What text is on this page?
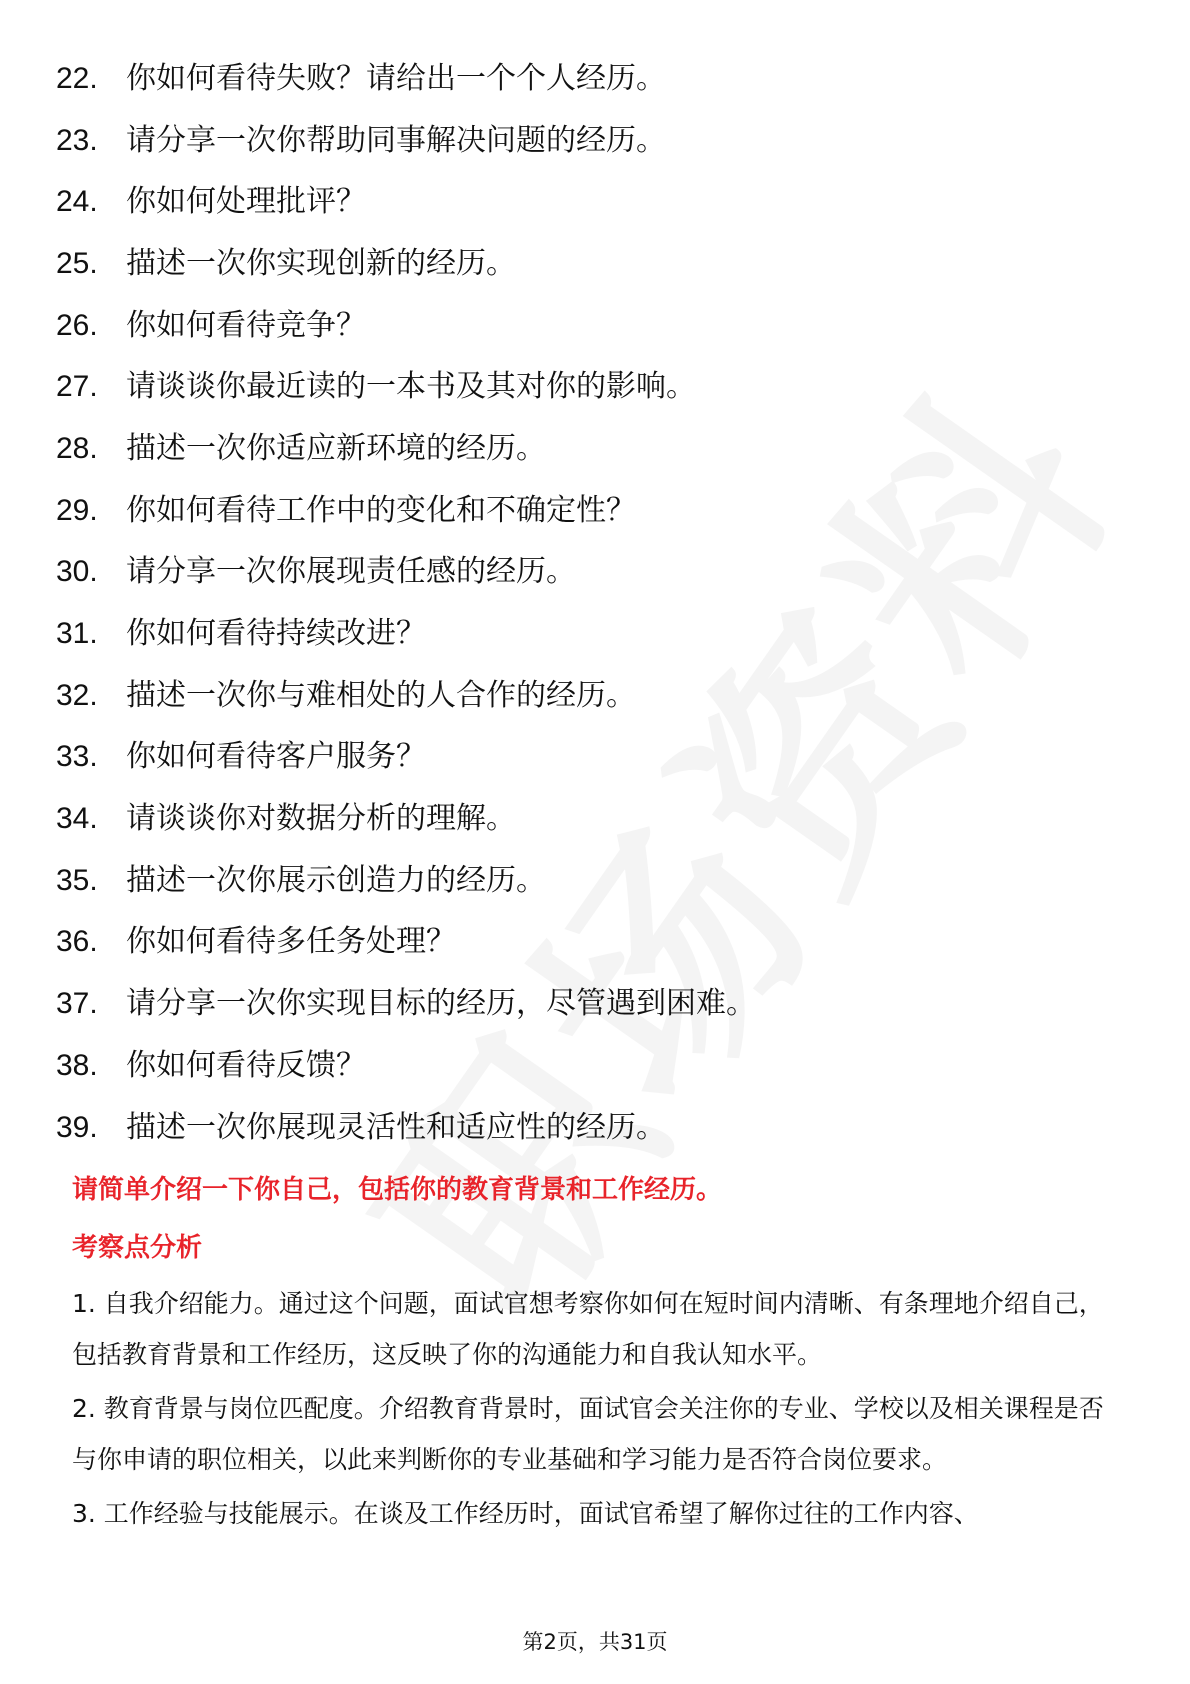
22. 你如何看待失败？请给出一个个人经历。
23. 请分享一次你帮助同事解决问题的经历。
24. 你如何处理批评？
25. 描述一次你实现创新的经历。
26. 你如何看待竞争？
27. 请谈谈你最近读的一本书及其对你的影响。
28. 描述一次你适应新环境的经历。
29. 你如何看待工作中的变化和不确定性？
30. 请分享一次你展现责任感的经历。
31. 你如何看待持续改进？
32. 描述一次你与难相处的人合作的经历。
33. 你如何看待客户服务？
34. 请谈谈你对数据分析的理解。
35. 描述一次你展示创造力的经历。
36. 你如何看待多任务处理？
37. 请分享一次你实现目标的经历，尽管遇到困难。
38. 你如何看待反馈？
39. 描述一次你展现灵活性和适应性的经历。
请简单介绍一下你自己，包括你的教育背景和工作经历。
考察点分析

1. 自我介绍能力。通过这个问题，面试官想考察你如何在短时间内清晰、有条理地介绍自己，包括教育背景和工作经历，这反映了你的沟通能力和自我认知水平。

2. 教育背景与岗位匹配度。介绍教育背景时，面试官会关注你的专业、学校以及相关课程是否与你申请的职位相关，以此来判断你的专业基础和学习能力是否符合岗位要求。

3. 工作经验与技能展示。在谈及工作经历时，面试官希望了解你过往的工作内容、

第2页，共31页
